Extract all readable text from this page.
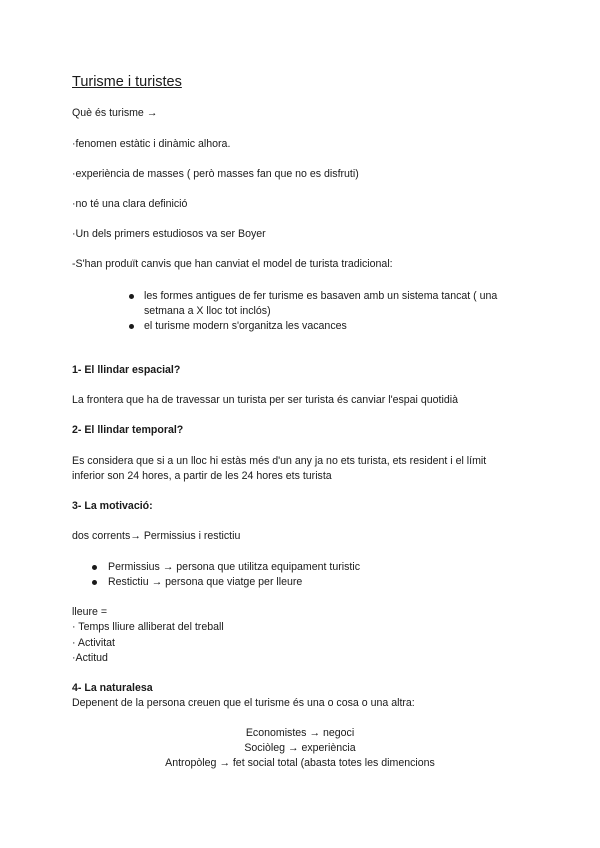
Turisme i turistes
Què és turisme →
·fenomen estàtic i dinàmic alhora.
·experiència de masses ( però masses fan que no es disfruti)
·no té una clara definició
·Un dels primers estudiosos va ser Boyer
-S'han produït canvis que han canviat el model de turista tradicional:
les formes antigues de fer turisme es basaven amb un sistema tancat ( una
setmana a X lloc tot inclós)
el turisme modern s'organitza les vacances
1- El llindar espacial?
La frontera que ha de travessar un turista per ser turista és canviar l'espai quotidià
2- El llindar temporal?
Es considera que si a un lloc hi estàs més d'un any ja no ets turista, ets resident i el límit
inferior son 24 hores, a partir de les 24 hores ets turista
3- La motivació:
dos corrents→ Permissius i restictiu
Permissius → persona que utilitza equipament turistic
Restictiu → persona que viatge per lleure
lleure =
· Temps lliure alliberat del treball
· Activitat
·Actitud
4- La naturalesa
Depenent de la persona creuen que el turisme és una o cosa o una altra:
Economistes → negoci
Sociòleg → experiència
Antropòleg → fet social total (abasta totes les dimencions
